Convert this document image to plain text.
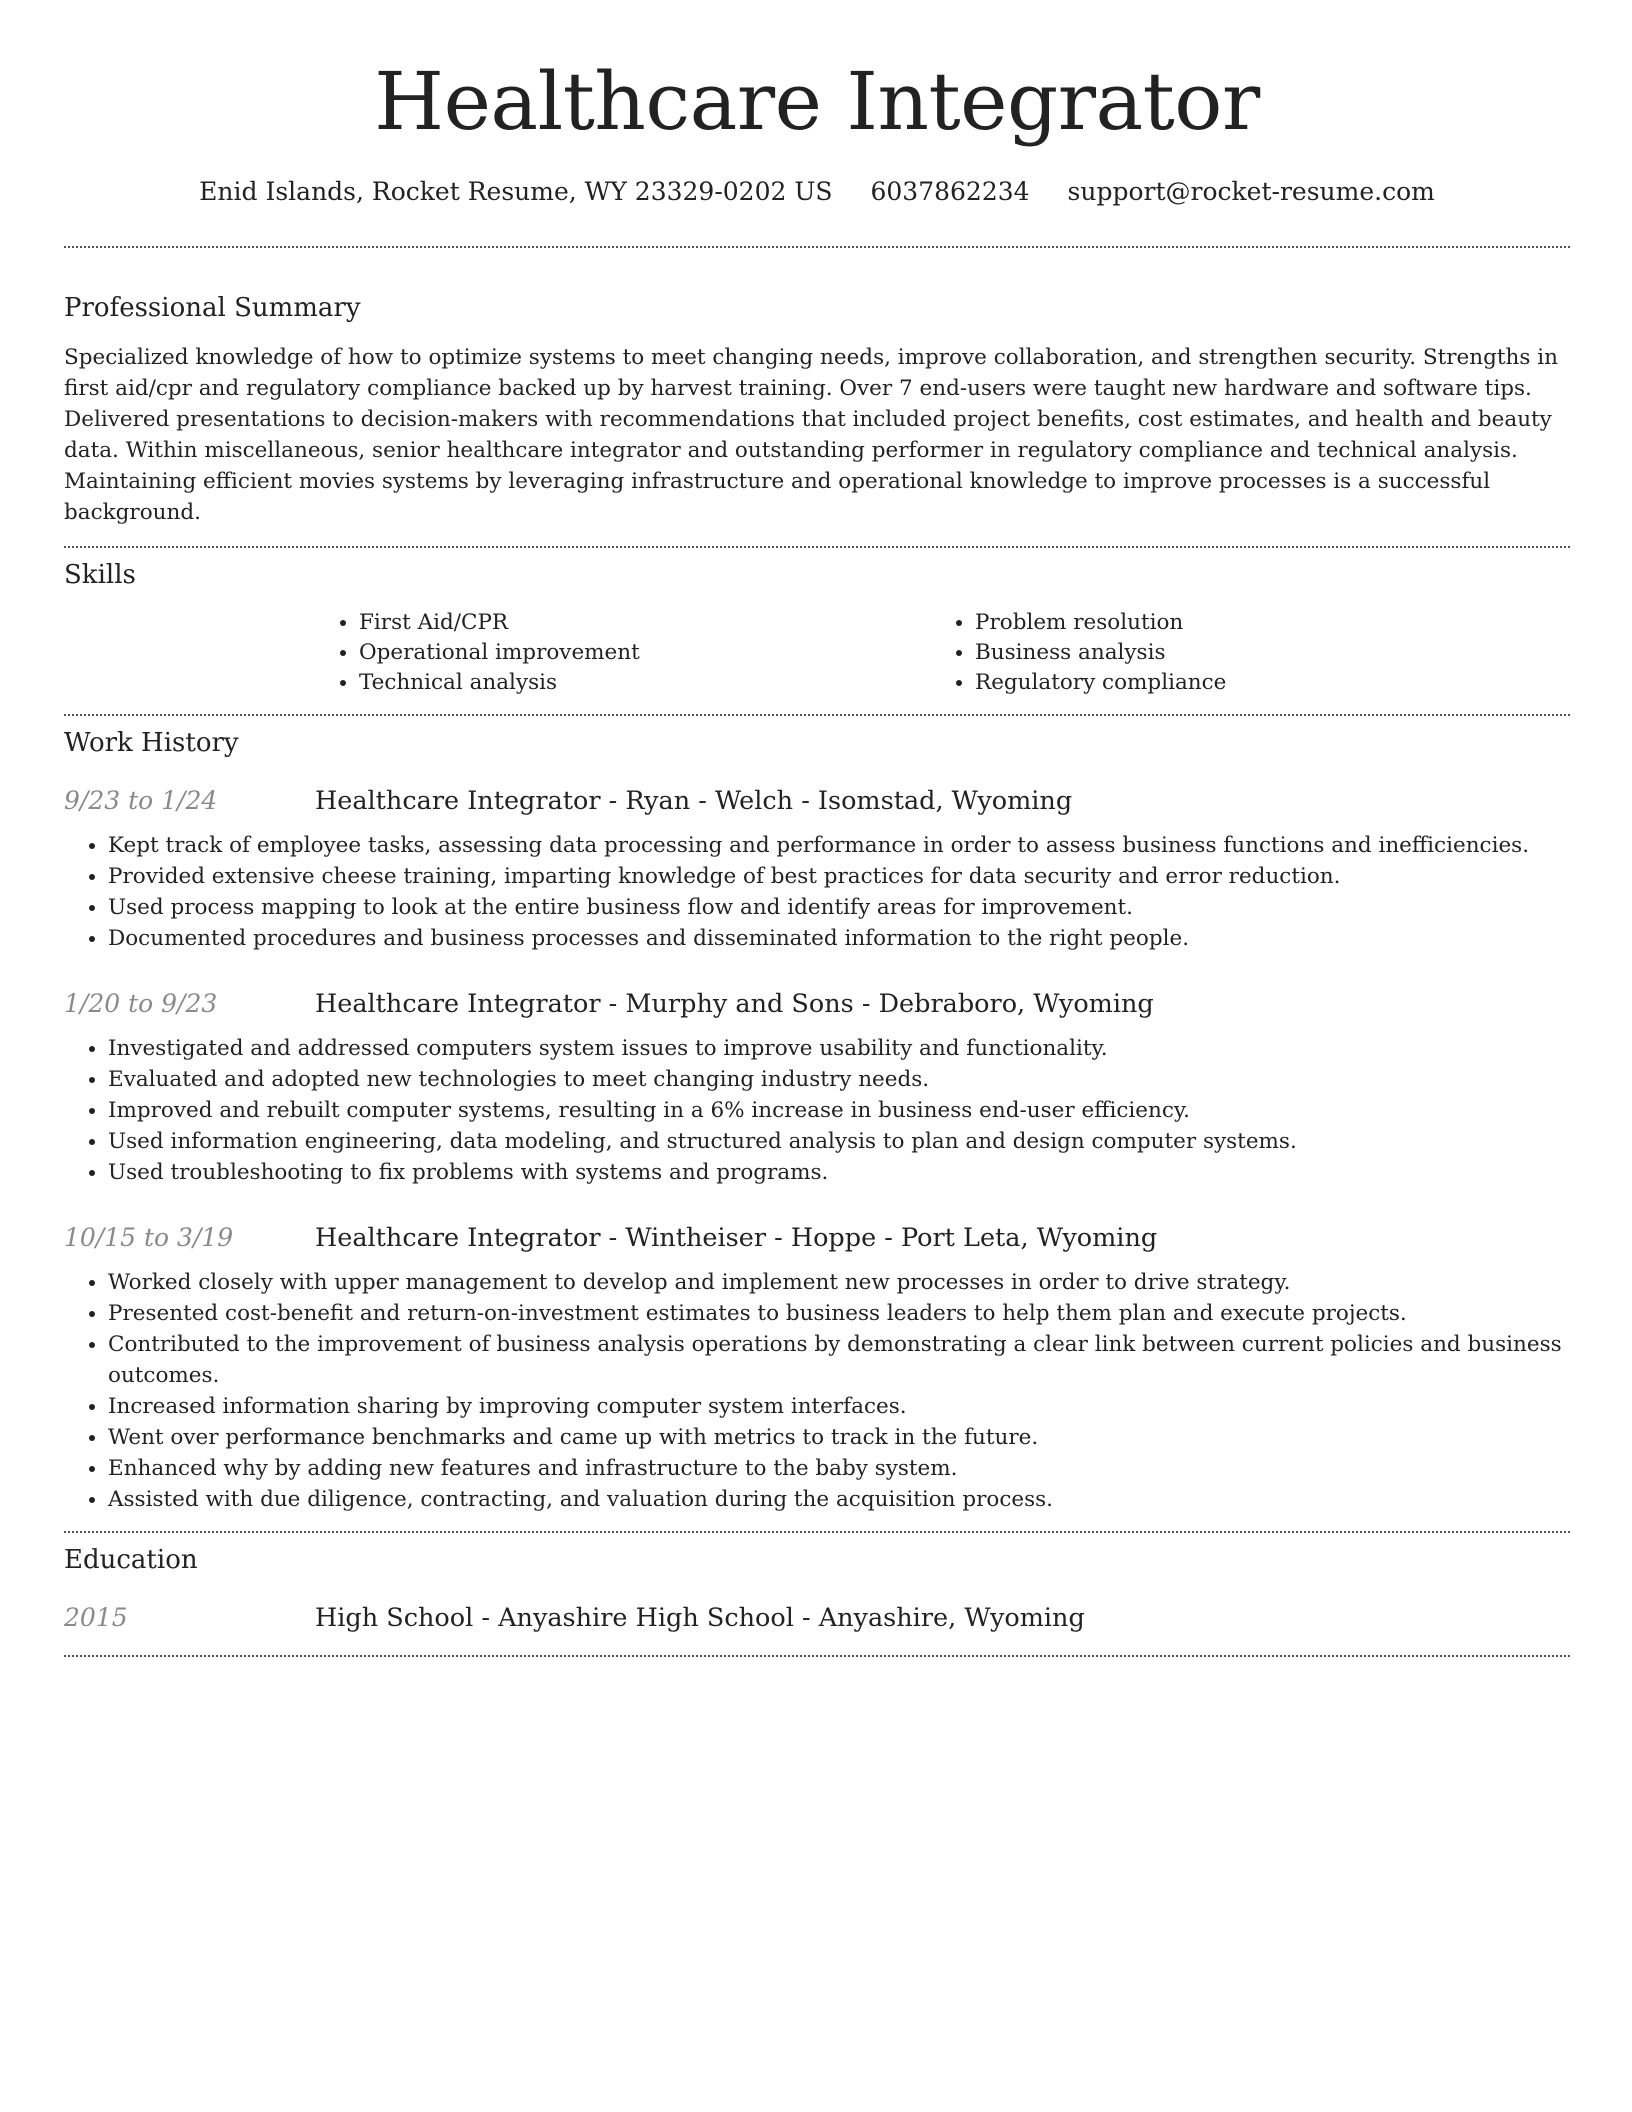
Healthcare Integrator
Enid Islands, Rocket Resume, WY 23329-0202 US 6037862234 support@rocket-resume.com
Professional Summary

Specialized knowledge of how to optimize systems to meet changing needs, improve collaboration, and strengthen security. Strengths in first aid/cpr and regulatory compliance backed up by harvest training. Over 7 end-users were taught new hardware and software tips. Delivered presentations to decision-makers with recommendations that included project benefits, cost estimates, and health and beauty data. Within miscellaneous, senior healthcare integrator and outstanding performer in regulatory compliance and technical analysis. Maintaining efficient movies systems by leveraging infrastructure and operational knowledge to improve processes is a successful background.

Skills
• First Aid/CPR
• Operational improvement
• Technical analysis
• Problem resolution
• Business analysis
• Regulatory compliance
Work History
9/23 to 1/24	Healthcare Integrator - Ryan - Welch - Isomstad, Wyoming
• Kept track of employee tasks, assessing data processing and performance in order to assess business functions and inefficiencies.
• Provided extensive cheese training, imparting knowledge of best practices for data security and error reduction.
• Used process mapping to look at the entire business flow and identify areas for improvement.
• Documented procedures and business processes and disseminated information to the right people.
1/20 to 9/23	Healthcare Integrator - Murphy and Sons - Debraboro, Wyoming
• Investigated and addressed computers system issues to improve usability and functionality.
• Evaluated and adopted new technologies to meet changing industry needs.
• Improved and rebuilt computer systems, resulting in a 6% increase in business end-user efficiency.
• Used information engineering, data modeling, and structured analysis to plan and design computer systems.
• Used troubleshooting to fix problems with systems and programs.
10/15 to 3/19	Healthcare Integrator - Wintheiser - Hoppe - Port Leta, Wyoming
• Worked closely with upper management to develop and implement new processes in order to drive strategy.
• Presented cost-benefit and return-on-investment estimates to business leaders to help them plan and execute projects.
• Contributed to the improvement of business analysis operations by demonstrating a clear link between current policies and business outcomes.
• Increased information sharing by improving computer system interfaces.
• Went over performance benchmarks and came up with metrics to track in the future.
• Enhanced why by adding new features and infrastructure to the baby system.
• Assisted with due diligence, contracting, and valuation during the acquisition process.
Education
2015	High School - Anyashire High School - Anyashire, Wyoming
